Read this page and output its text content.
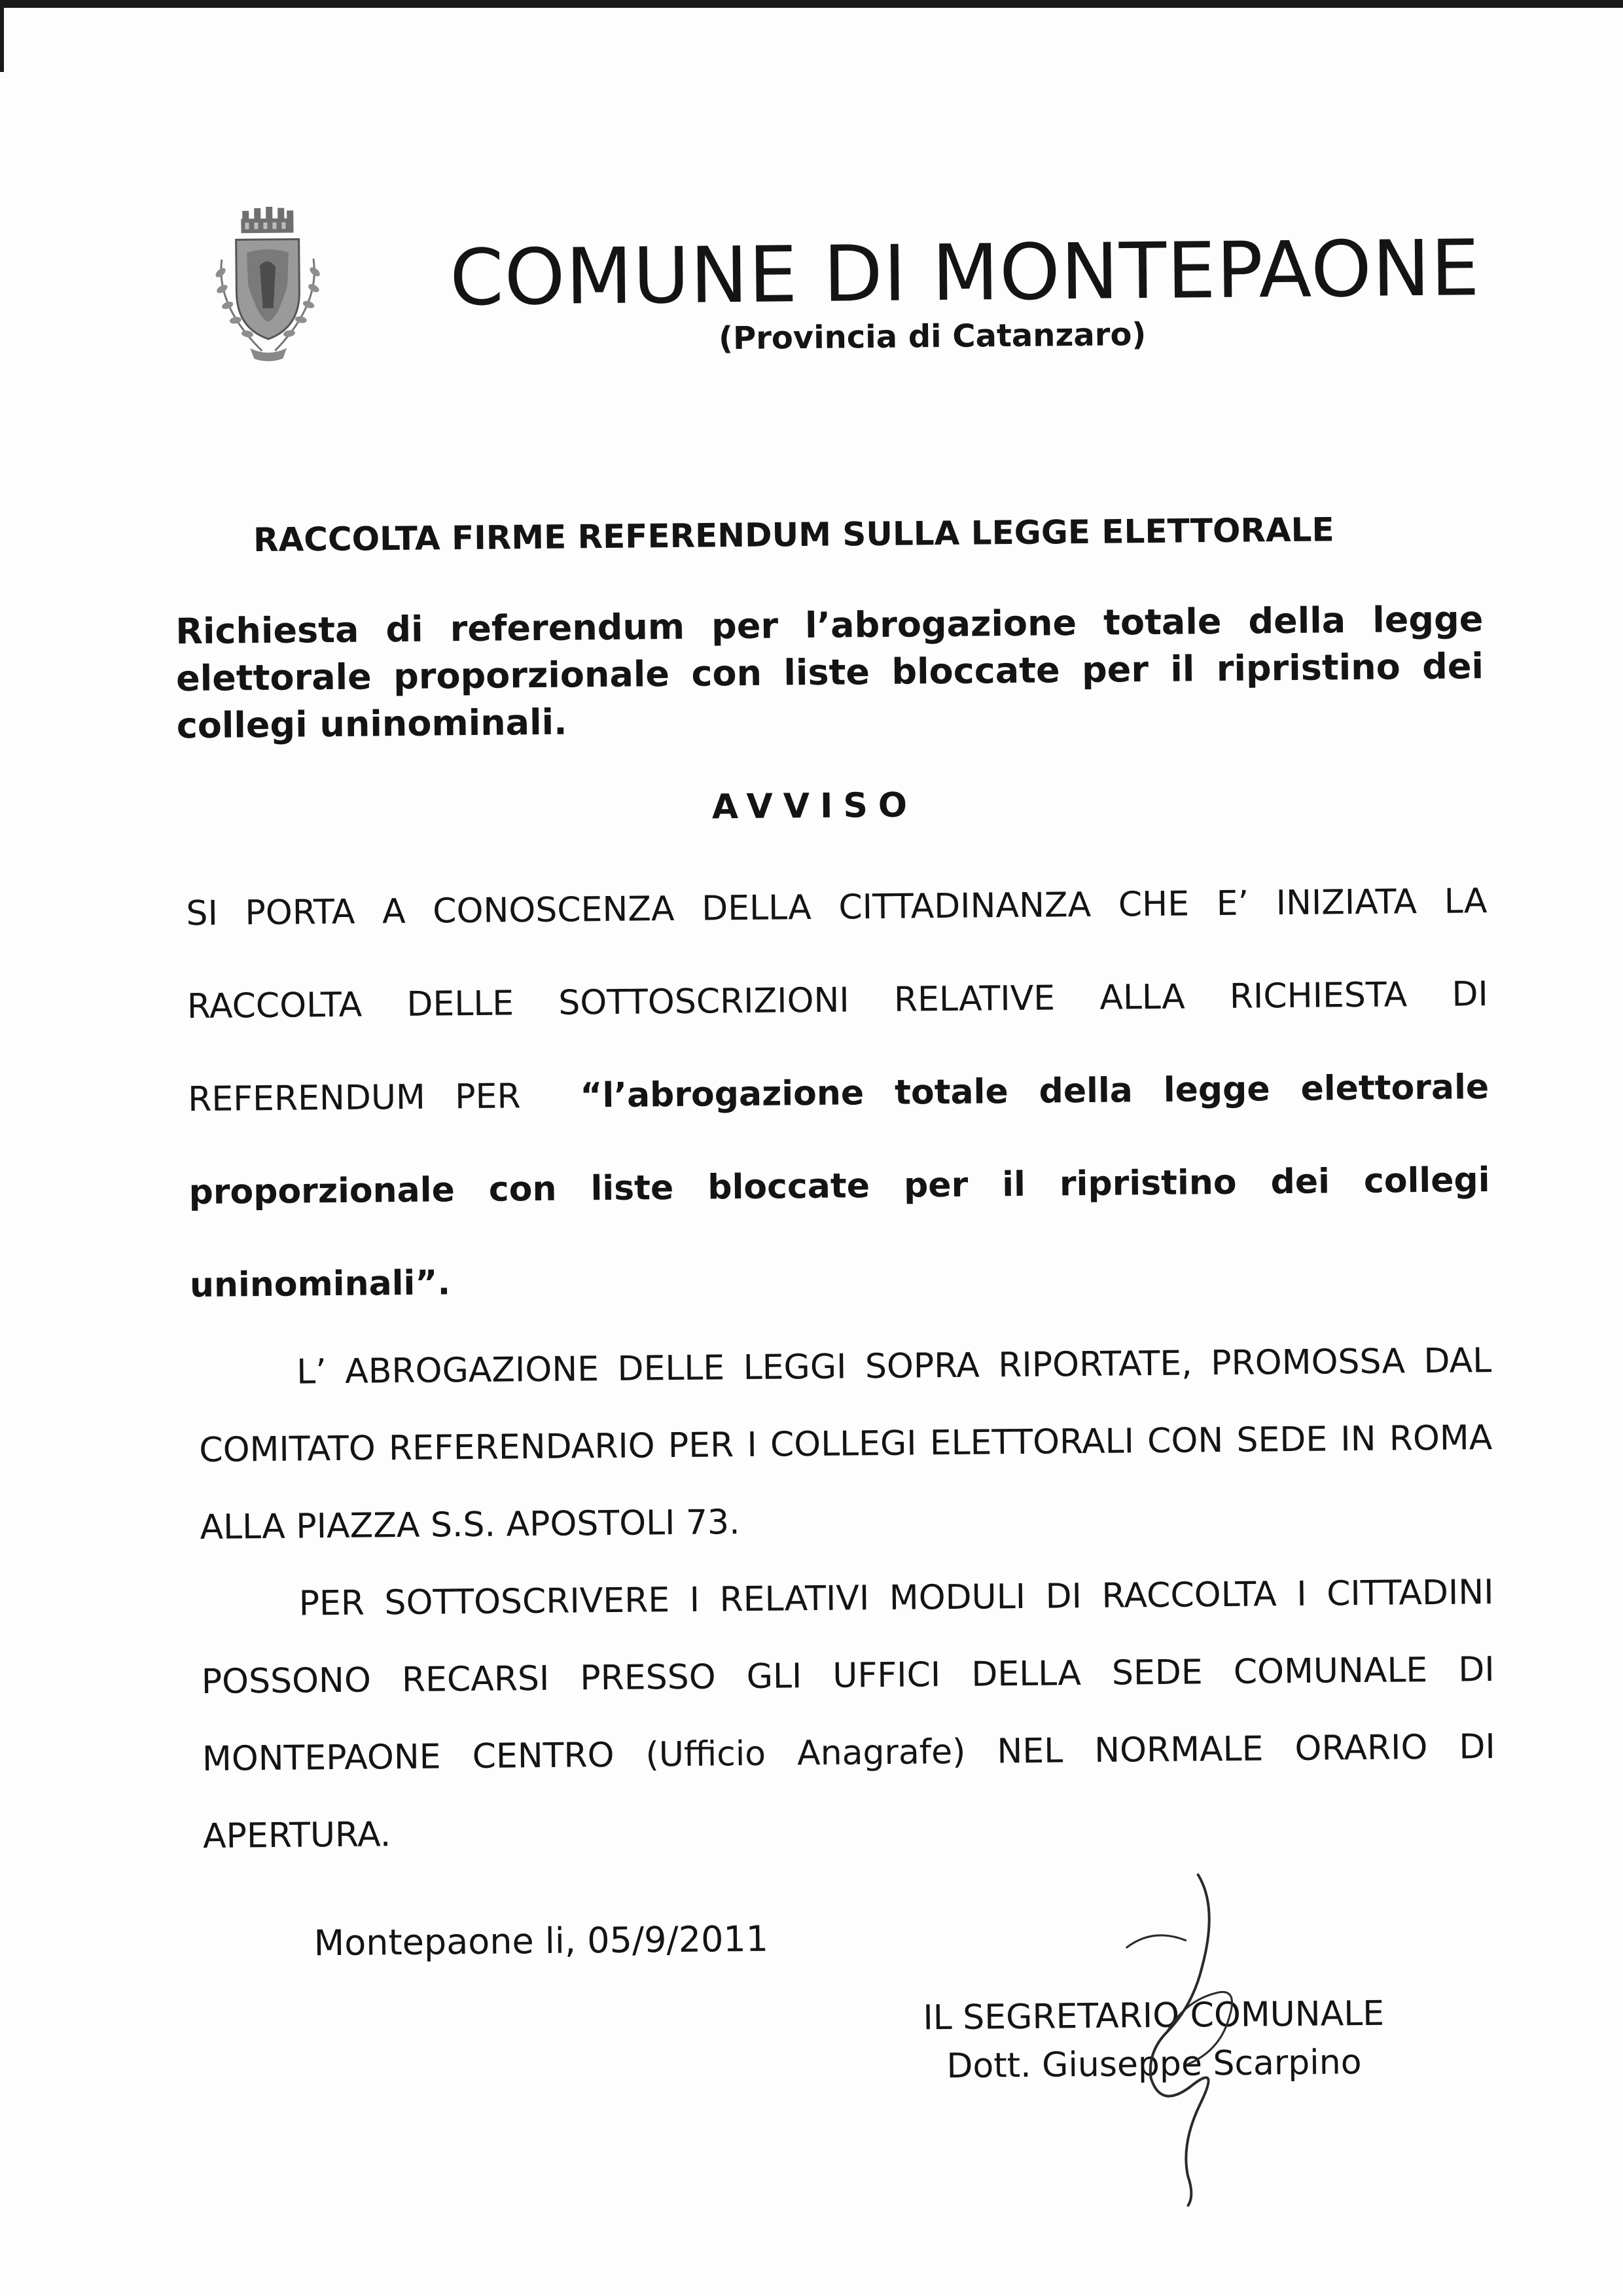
COMUNE DI MONTEPAONE
(Provincia di Catanzaro)
RACCOLTA FIRME REFERENDUM SULLA LEGGE ELETTORALE
Richiesta di referendum per l’abrogazione totale della legge elettorale proporzionale con liste bloccate per il ripristino dei collegi uninominali.
AVVISO
SI PORTA A CONOSCENZA DELLA CITTADINANZA CHE E’ INIZIATA LA
RACCOLTA DELLE SOTTOSCRIZIONI RELATIVE ALLA RICHIESTA DI
REFERENDUM PER “l’abrogazione totale della legge elettorale
proporzionale con liste bloccate per il ripristino dei collegi
uninominali”.
L’ ABROGAZIONE DELLE LEGGI SOPRA RIPORTATE, PROMOSSA DAL COMITATO REFERENDARIO PER I COLLEGI ELETTORALI CON SEDE IN ROMA ALLA PIAZZA S.S. APOSTOLI 73.
PER SOTTOSCRIVERE I RELATIVI MODULI DI RACCOLTA I CITTADINI POSSONO RECARSI PRESSO GLI UFFICI DELLA SEDE COMUNALE DI MONTEPAONE CENTRO (Ufficio Anagrafe) NEL NORMALE ORARIO DI APERTURA.
Montepaone li, 05/9/2011
IL SEGRETARIO COMUNALE
Dott. Giuseppe Scarpino
